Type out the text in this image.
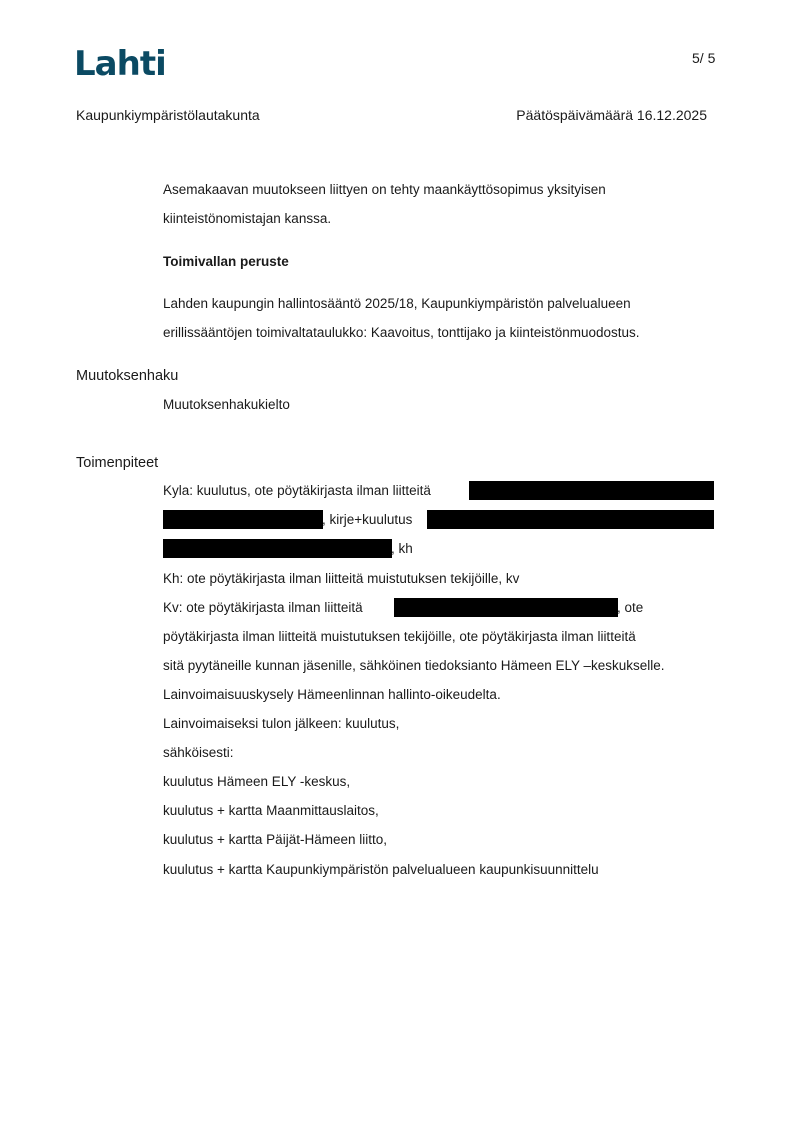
Lahti	5/ 5
Kaupunkiympäristölautakunta	Päätöspäivämäärä 16.12.2025
Asemakaavan muutokseen liittyen on tehty maankäyttösopimus yksityisen
kiinteistönomistajan kanssa.
Toimivallan peruste
Lahden kaupungin hallintosääntö 2025/18, Kaupunkiympäristön palvelualueen
erillissääntöjen toimivaltataulukko: Kaavoitus, tonttijako ja kiinteistönmuodostus.
Muutoksenhaku
Muutoksenhakukielto
Toimenpiteet
Kyla: kuulutus, ote pöytäkirjasta ilman liitteitä
, kirje+kuulutus
, kh
Kh: ote pöytäkirjasta ilman liitteitä muistutuksen tekijöille, kv
Kv: ote pöytäkirjasta ilman liitteitä	, ote
pöytäkirjasta ilman liitteitä muistutuksen tekijöille, ote pöytäkirjasta ilman liitteitä
sitä pyytäneille kunnan jäsenille, sähköinen tiedoksianto Hämeen ELY –keskukselle.
Lainvoimaisuuskysely Hämeenlinnan hallinto-oikeudelta.
Lainvoimaiseksi tulon jälkeen: kuulutus,
sähköisesti:
kuulutus Hämeen ELY -keskus,
kuulutus + kartta Maanmittauslaitos,
kuulutus + kartta Päijät-Hämeen liitto,
kuulutus + kartta Kaupunkiympäristön palvelualueen kaupunkisuunnittelu
